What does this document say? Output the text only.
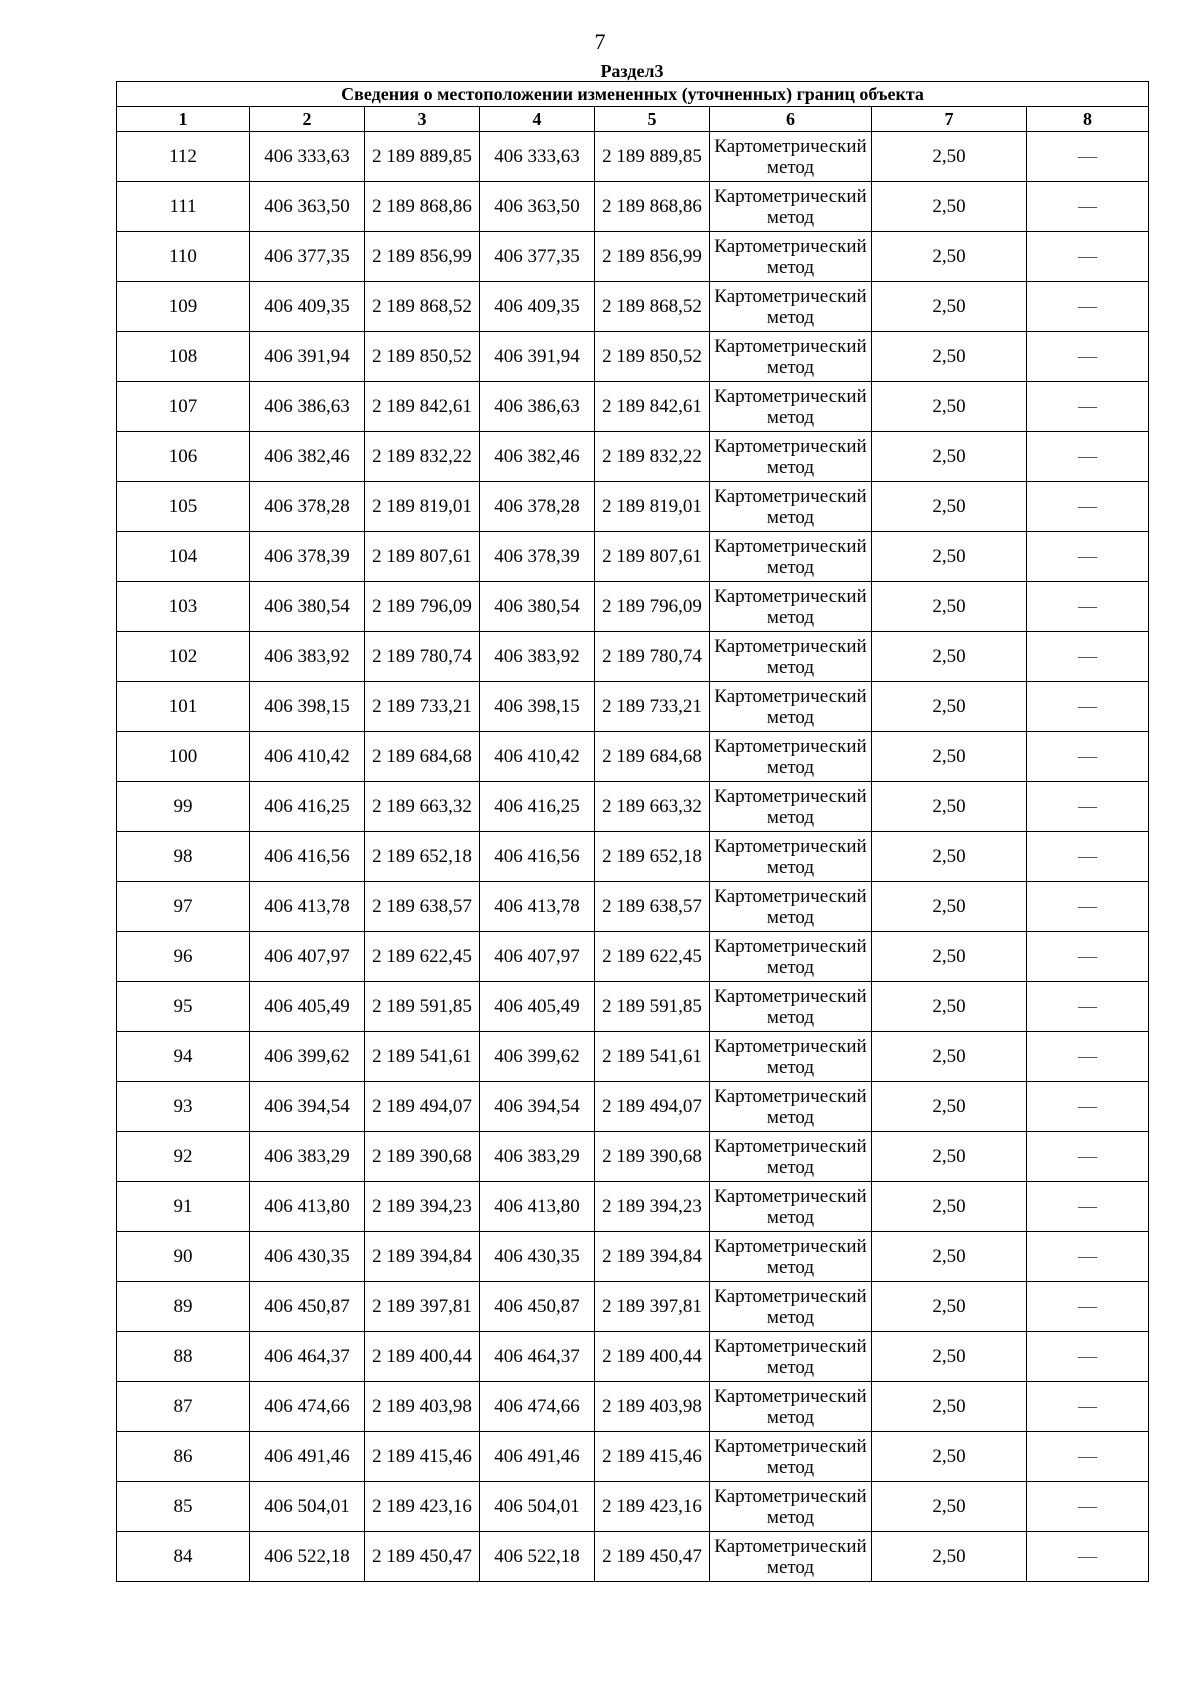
7
Раздел3
Сведения о местоположении измененных (уточненных) границ объекта							
1	2	3	4	5	6	7	8
112	406 333,63	2 189 889,85	406 333,63	2 189 889,85	Картометрический метод	2,50	—
111	406 363,50	2 189 868,86	406 363,50	2 189 868,86	Картометрический метод	2,50	—
110	406 377,35	2 189 856,99	406 377,35	2 189 856,99	Картометрический метод	2,50	—
109	406 409,35	2 189 868,52	406 409,35	2 189 868,52	Картометрический метод	2,50	—
108	406 391,94	2 189 850,52	406 391,94	2 189 850,52	Картометрический метод	2,50	—
107	406 386,63	2 189 842,61	406 386,63	2 189 842,61	Картометрический метод	2,50	—
106	406 382,46	2 189 832,22	406 382,46	2 189 832,22	Картометрический метод	2,50	—
105	406 378,28	2 189 819,01	406 378,28	2 189 819,01	Картометрический метод	2,50	—
104	406 378,39	2 189 807,61	406 378,39	2 189 807,61	Картометрический метод	2,50	—
103	406 380,54	2 189 796,09	406 380,54	2 189 796,09	Картометрический метод	2,50	—
102	406 383,92	2 189 780,74	406 383,92	2 189 780,74	Картометрический метод	2,50	—
101	406 398,15	2 189 733,21	406 398,15	2 189 733,21	Картометрический метод	2,50	—
100	406 410,42	2 189 684,68	406 410,42	2 189 684,68	Картометрический метод	2,50	—
99	406 416,25	2 189 663,32	406 416,25	2 189 663,32	Картометрический метод	2,50	—
98	406 416,56	2 189 652,18	406 416,56	2 189 652,18	Картометрический метод	2,50	—
97	406 413,78	2 189 638,57	406 413,78	2 189 638,57	Картометрический метод	2,50	—
96	406 407,97	2 189 622,45	406 407,97	2 189 622,45	Картометрический метод	2,50	—
95	406 405,49	2 189 591,85	406 405,49	2 189 591,85	Картометрический метод	2,50	—
94	406 399,62	2 189 541,61	406 399,62	2 189 541,61	Картометрический метод	2,50	—
93	406 394,54	2 189 494,07	406 394,54	2 189 494,07	Картометрический метод	2,50	—
92	406 383,29	2 189 390,68	406 383,29	2 189 390,68	Картометрический метод	2,50	—
91	406 413,80	2 189 394,23	406 413,80	2 189 394,23	Картометрический метод	2,50	—
90	406 430,35	2 189 394,84	406 430,35	2 189 394,84	Картометрический метод	2,50	—
89	406 450,87	2 189 397,81	406 450,87	2 189 397,81	Картометрический метод	2,50	—
88	406 464,37	2 189 400,44	406 464,37	2 189 400,44	Картометрический метод	2,50	—
87	406 474,66	2 189 403,98	406 474,66	2 189 403,98	Картометрический метод	2,50	—
86	406 491,46	2 189 415,46	406 491,46	2 189 415,46	Картометрический метод	2,50	—
85	406 504,01	2 189 423,16	406 504,01	2 189 423,16	Картометрический метод	2,50	—
84	406 522,18	2 189 450,47	406 522,18	2 189 450,47	Картометрический метод	2,50	—
